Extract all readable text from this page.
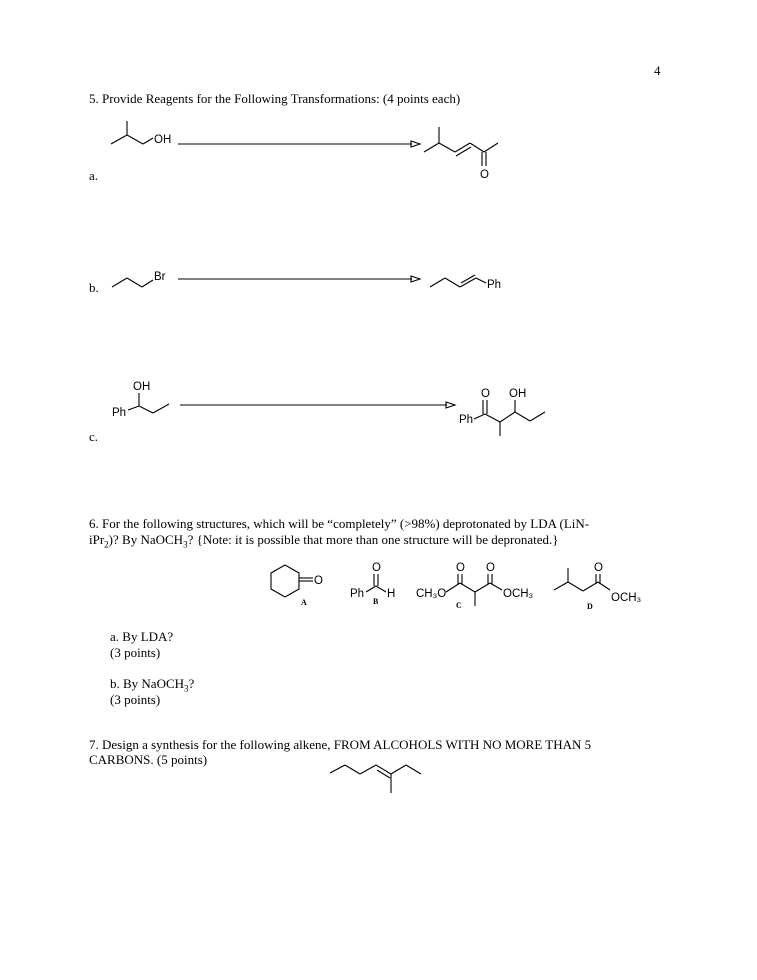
4
5. Provide Reagents for the Following Transformations: (4 points each)
a.
b.
c.
6. For the following structures, which will be “completely” (>98%) deprotonated by LDA (LiN-
iPr$_2$)? By NaOCH$_3$? {Note: it is possible that more than one structure will be depronated.}
a. By LDA?
(3 points)
b. By NaOCH$_3$?
(3 points)
7. Design a synthesis for the following alkene, FROM ALCOHOLS WITH NO MORE THAN 5
CARBONS. (5 points)
OH
O
Br
Ph
OH
Ph
O OH
Ph
O
A
O
Ph H
B
CH₃O
O O
OCH₃
C
O
OCH₃
D
